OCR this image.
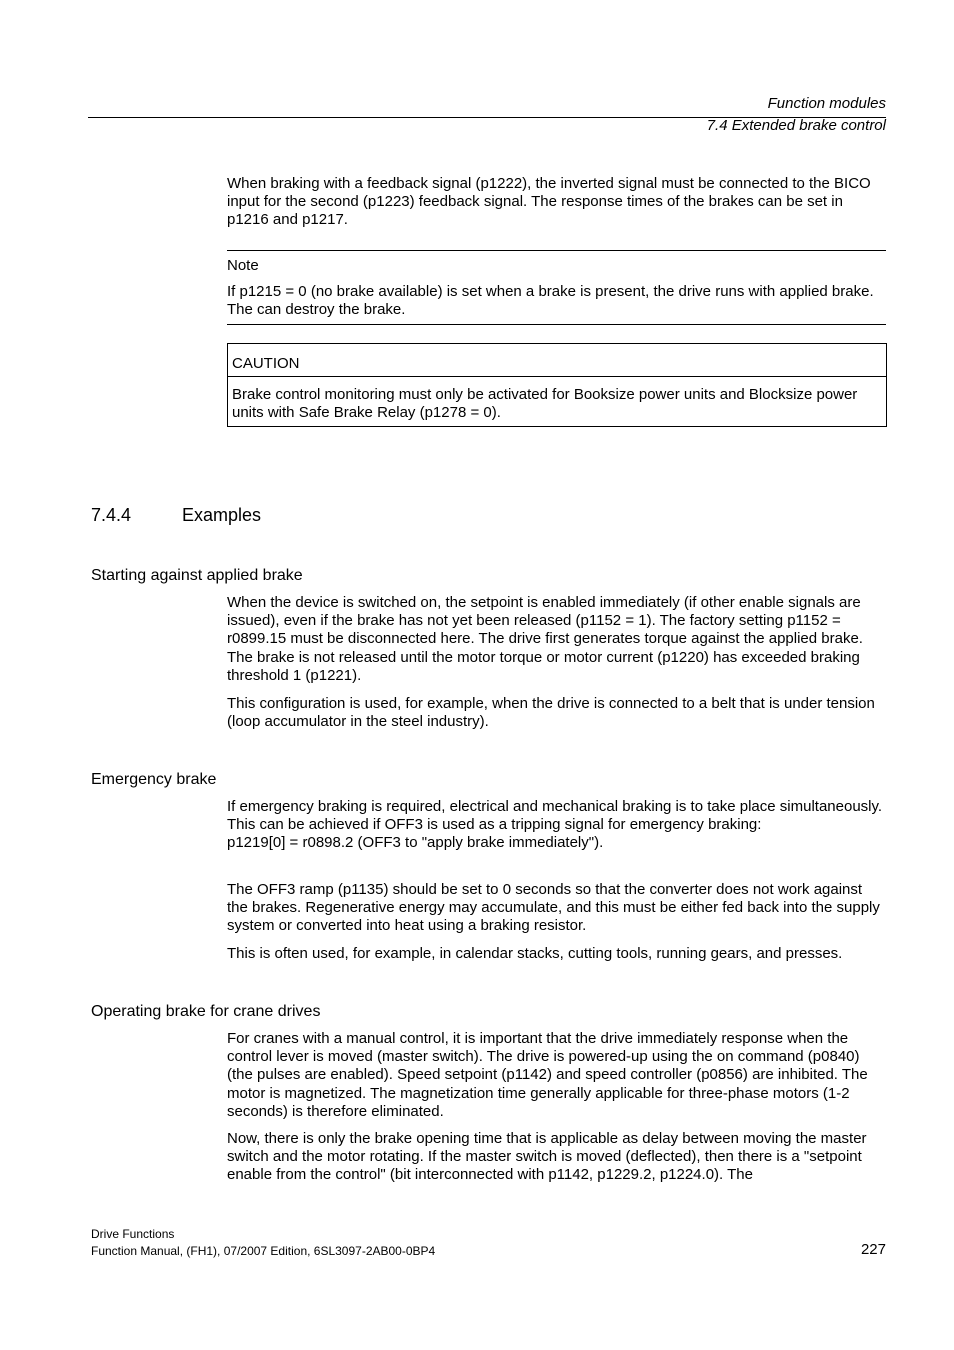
Function modules
7.4 Extended brake control

When braking with a feedback signal (p1222), the inverted signal must be connected to the BICO input for the second (p1223) feedback signal. The response times of the brakes can be set in p1216 and p1217.

Note

If p1215 = 0 (no brake available) is set when a brake is present, the drive runs with applied brake. The can destroy the brake.

CAUTION
Brake control monitoring must only be activated for Booksize power units and Blocksize power units with Safe Brake Relay (p1278 = 0).
7.4.4	Examples
Starting against applied brake

When the device is switched on, the setpoint is enabled immediately (if other enable signals are issued), even if the brake has not yet been released (p1152 = 1). The factory setting p1152 = r0899.15 must be disconnected here. The drive first generates torque against the applied brake. The brake is not released until the motor torque or motor current (p1220) has exceeded braking threshold 1 (p1221).

This configuration is used, for example, when the drive is connected to a belt that is under tension (loop accumulator in the steel industry).

Emergency brake

If emergency braking is required, electrical and mechanical braking is to take place simultaneously. This can be achieved if OFF3 is used as a tripping signal for emergency braking:

p1219[0] = r0898.2 (OFF3 to "apply brake immediately").

The OFF3 ramp (p1135) should be set to 0 seconds so that the converter does not work against the brakes. Regenerative energy may accumulate, and this must be either fed back into the supply system or converted into heat using a braking resistor.

This is often used, for example, in calendar stacks, cutting tools, running gears, and presses.

Operating brake for crane drives

For cranes with a manual control, it is important that the drive immediately response when the control lever is moved (master switch). The drive is powered-up using the on command (p0840) (the pulses are enabled). Speed setpoint (p1142) and speed controller (p0856) are inhibited. The motor is magnetized. The magnetization time generally applicable for three-phase motors (1-2 seconds) is therefore eliminated.

Now, there is only the brake opening time that is applicable as delay between moving the master switch and the motor rotating. If the master switch is moved (deflected), then there is a "setpoint enable from the control" (bit interconnected with p1142, p1229.2, p1224.0). The

Drive Functions
Function Manual, (FH1), 07/2007 Edition, 6SL3097-2AB00-0BP4	227
